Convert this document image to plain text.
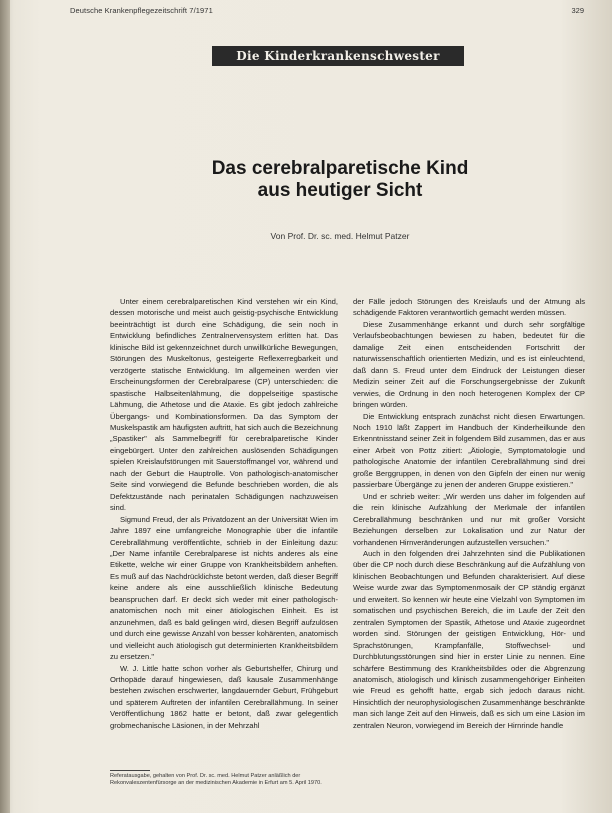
Deutsche Krankenpflegezeitschrift 7/1971	329
Die Kinderkrankenschwester
Das cerebralparetische Kind
aus heutiger Sicht
Von Prof. Dr. sc. med. Helmut Patzer

Unter einem cerebralparetischen Kind verstehen wir ein Kind, dessen motorische und meist auch geistig-psychische Entwicklung beeinträchtigt ist durch eine Schädigung, die sein noch in Entwicklung befindliches Zentralnervensystem erlitten hat. Das klinische Bild ist gekennzeichnet durch unwillkürliche Bewegungen, Störungen des Muskeltonus, gesteigerte Reflexerregbarkeit und verzögerte statische Entwicklung. Im allgemeinen werden vier Erscheinungsformen der Cerebralparese (CP) unterschieden: die spastische Halbseitenlähmung, die doppelseitige spastische Lähmung, die Athetose und die Ataxie. Es gibt jedoch zahlreiche Übergangs- und Kombinationsformen. Da das Symptom der Muskelspastik am häufigsten auftritt, hat sich auch die Bezeichnung „Spastiker" als Sammelbegriff für cerebralparetische Kinder eingebürgert. Unter den zahlreichen auslösenden Schädigungen spielen Kreislaufstörungen mit Sauerstoffmangel vor, während und nach der Geburt die Hauptrolle. Von pathologisch-anatomischer Seite sind vorwiegend die Befunde beschrieben worden, die als Defektzustände nach perinatalen Schädigungen nachzuweisen sind.

Sigmund Freud, der als Privatdozent an der Universität Wien im Jahre 1897 eine umfangreiche Monographie über die infantile Cerebrallähmung veröffentlichte, schrieb in der Einleitung dazu: „Der Name infantile Cerebralparese ist nichts anderes als eine Etikette, welche wir einer Gruppe von Krankheitsbildern anheften. Es muß auf das Nachdrücklichste betont werden, daß dieser Begriff keine andere als eine ausschließlich klinische Bedeutung beanspruchen darf. Er deckt sich weder mit einer pathologisch-anatomischen noch mit einer ätiologischen Einheit. Es ist anzunehmen, daß es bald gelingen wird, diesen Begriff aufzulösen und durch eine gewisse Anzahl von besser kohärenten, anatomisch und vielleicht auch ätiologisch gut determinierten Krankheitsbildern zu ersetzen."

W. J. Little hatte schon vorher als Geburtshelfer, Chirurg und Orthopäde darauf hingewiesen, daß kausale Zusammenhänge bestehen zwischen erschwerter, langdauernder Geburt, Frühgeburt und späterem Auftreten der infantilen Cerebrallähmung. In seiner Veröffentlichung 1862 hatte er betont, daß zwar gelegentlich grobmechanische Läsionen, in der Mehrzahl

der Fälle jedoch Störungen des Kreislaufs und der Atmung als schädigende Faktoren verantwortlich gemacht werden müssen.

Diese Zusammenhänge erkannt und durch sehr sorgfältige Verlaufsbeobachtungen bewiesen zu haben, bedeutet für die damalige Zeit einen entscheidenden Fortschritt der naturwissenschaftlich orientierten Medizin, und es ist einleuchtend, daß dann S. Freud unter dem Eindruck der Leistungen dieser Medizin seiner Zeit auf die Forschungsergebnisse der Zukunft verwies, die Ordnung in den noch heterogenen Komplex der CP bringen würden.

Die Entwicklung entsprach zunächst nicht diesen Erwartungen. Noch 1910 läßt Zappert im Handbuch der Kinderheilkunde den Erkenntnisstand seiner Zeit in folgendem Bild zusammen, das er aus einer Arbeit von Pottz zitiert: „Ätiologie, Symptomatologie und pathologische Anatomie der infantilen Cerebrallähmung sind drei große Berggruppen, in denen von den Gipfeln der einen nur wenig passierbare Übergänge zu jenen der anderen Gruppe existieren."

Und er schrieb weiter: „Wir werden uns daher im folgenden auf die rein klinische Aufzählung der Merkmale der infantilen Cerebrallähmung beschränken und nur mit großer Vorsicht Beziehungen derselben zur Lokalisation und zur Natur der vorhandenen Hirnveränderungen aufzustellen versuchen."

Auch in den folgenden drei Jahrzehnten sind die Publikationen über die CP noch durch diese Beschränkung auf die Aufzählung von klinischen Beobachtungen und Befunden charakterisiert. Auf diese Weise wurde zwar das Symptomenmosaik der CP ständig ergänzt und erweitert. So kennen wir heute eine Vielzahl von Symptomen im somatischen und psychischen Bereich, die im Laufe der Zeit den zentralen Symptomen der Spastik, Athetose und Ataxie zugeordnet worden sind. Störungen der geistigen Entwicklung, Hör- und Sprachstörungen, Krampfanfälle, Stoffwechsel- und Durchblutungsstörungen sind hier in erster Linie zu nennen. Eine schärfere Bestimmung des Krankheitsbildes oder die Abgrenzung anatomisch, ätiologisch und klinisch zusammengehöriger Einheiten wie Freud es gehofft hatte, ergab sich jedoch daraus nicht. Hinsichtlich der neurophysiologischen Zusammenhänge beschränkte man sich lange Zeit auf den Hinweis, daß es sich um eine Läsion im zentralen Neuron, vorwiegend im Bereich der Hirnrinde handle

Referatausgabe, gehalten von Prof. Dr. sc. med. Helmut Patzer anläßlich der Rekonvaleszentenfürsorge an der medizinischen Akademie in Erfurt am 5. April 1970.
